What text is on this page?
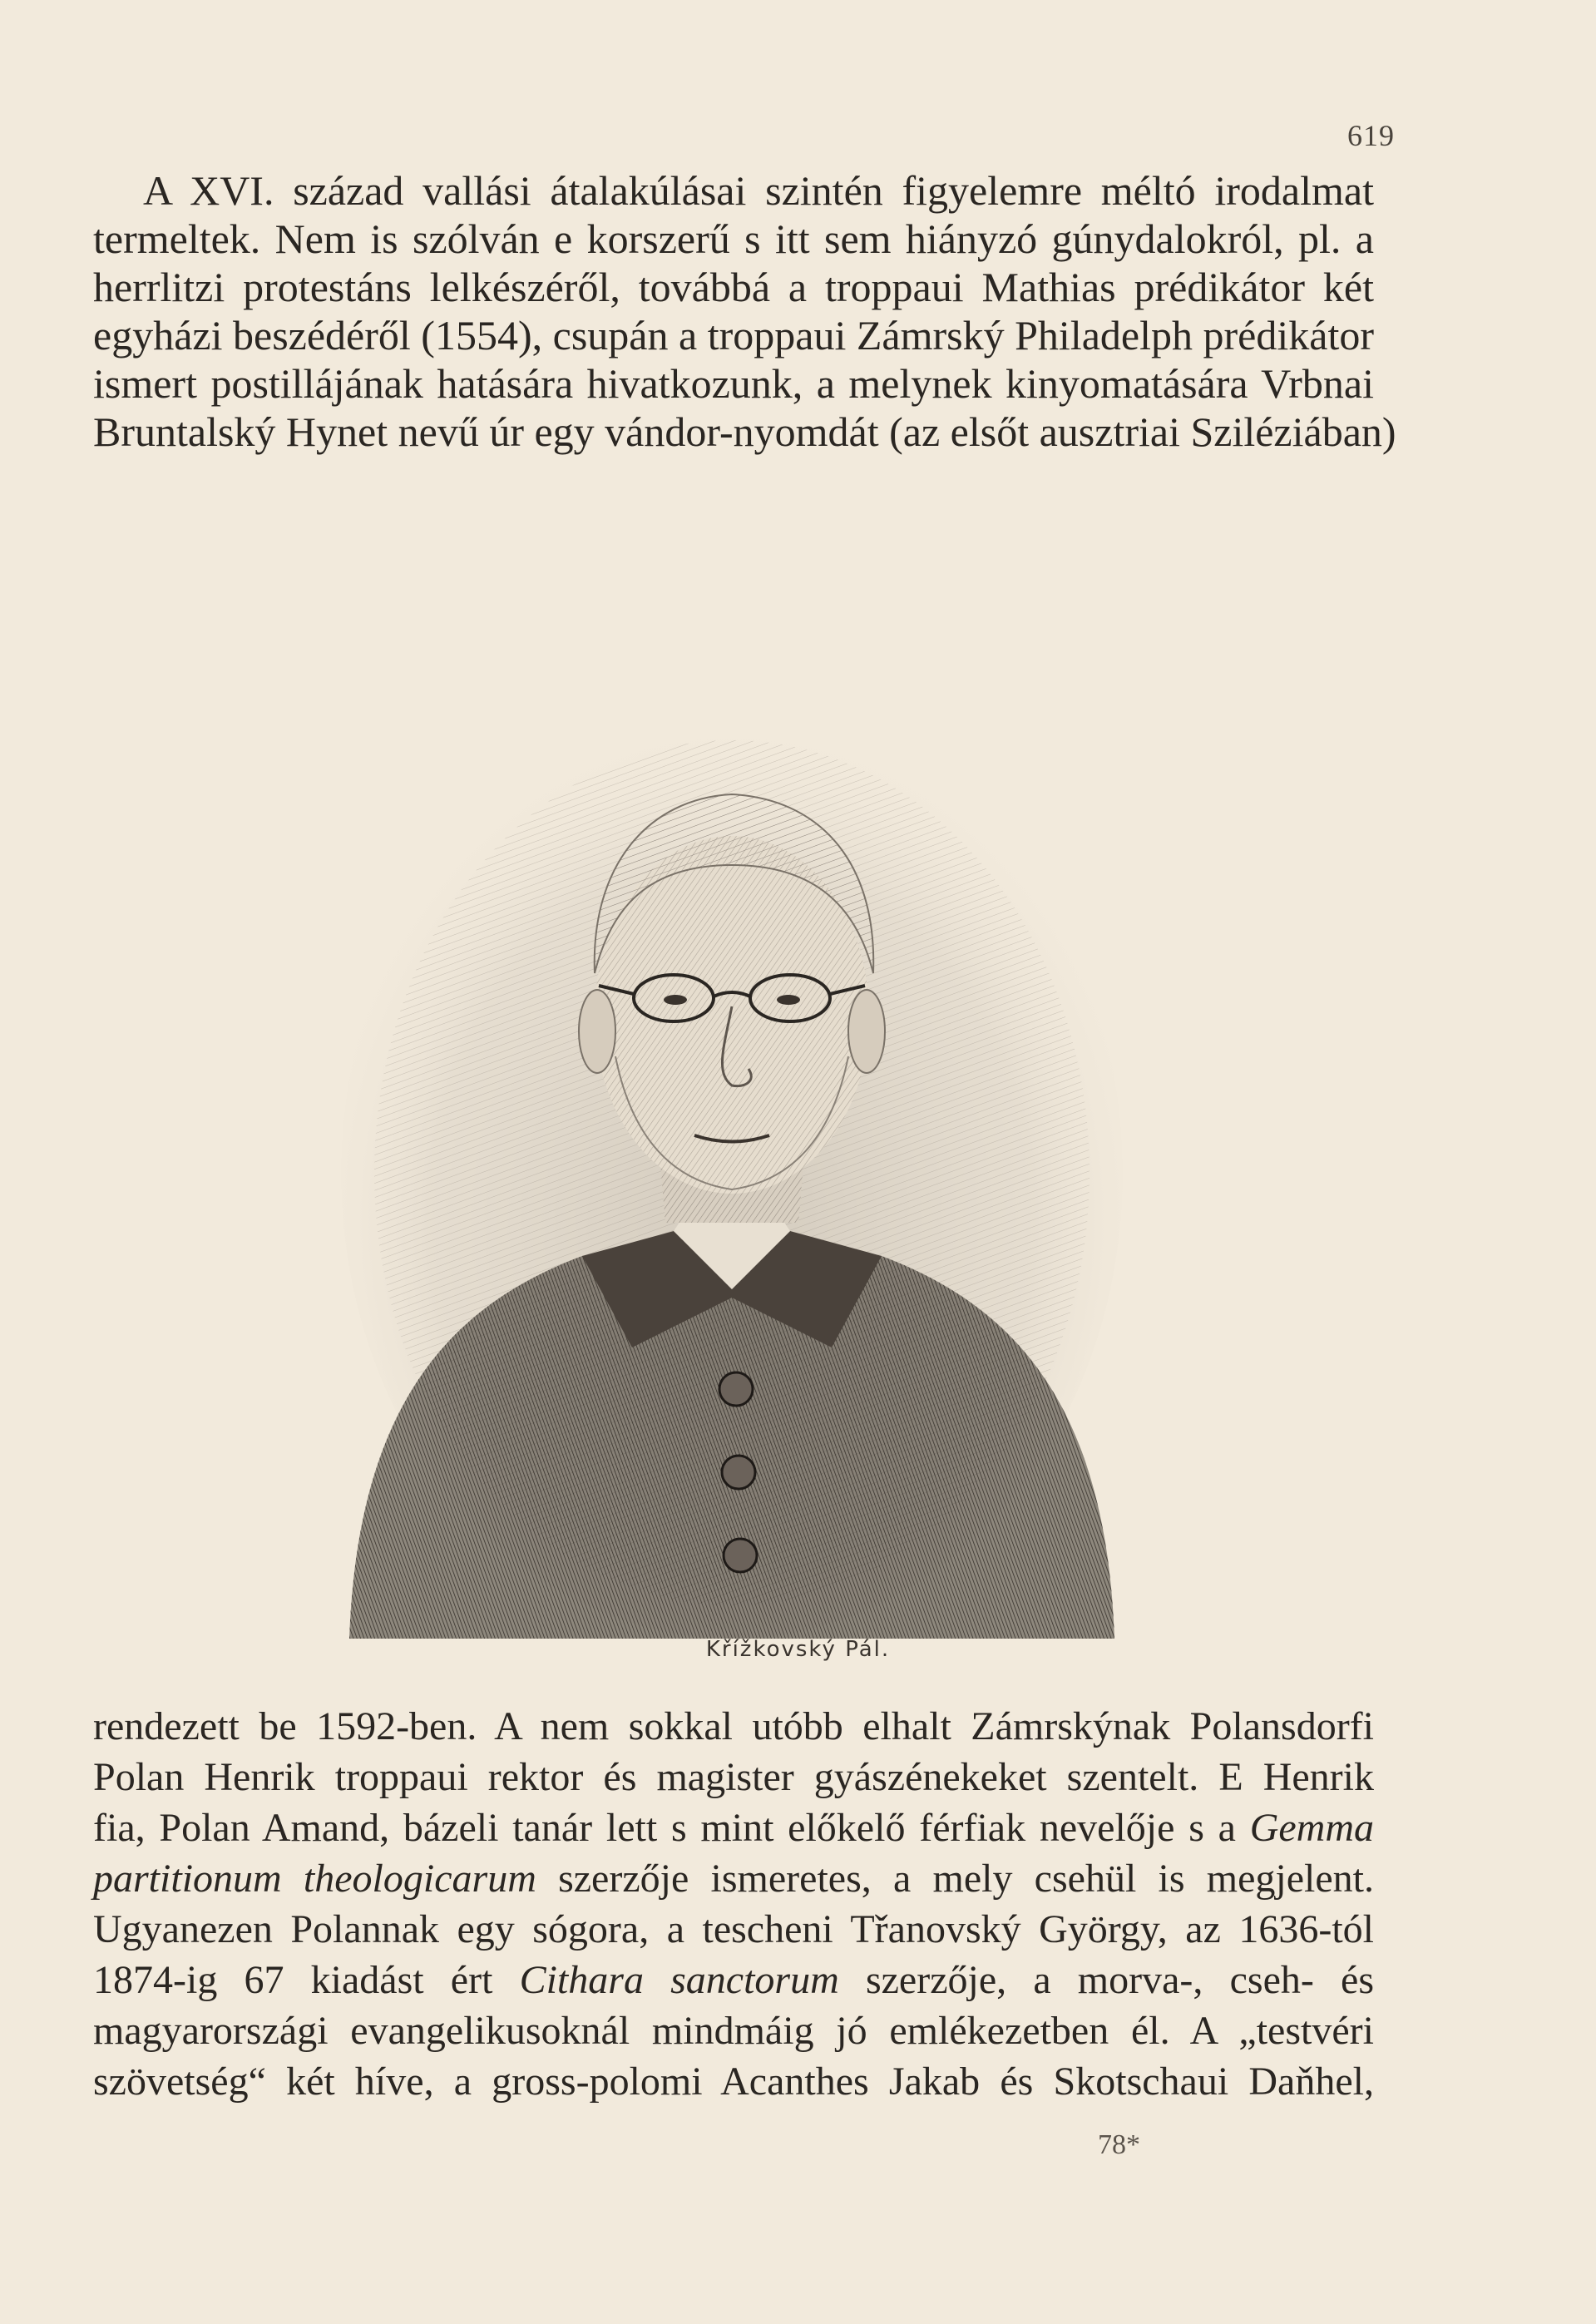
619
A XVI. század vallási átalakúlásai szintén figyelemre méltó irodalmat
termeltek. Nem is szólván e korszerű s itt sem hiányzó gúnydalokról, pl. a
herrlitzi protestáns lelkészéről, továbbá a troppaui Mathias prédikátor két
egyházi beszédéről (1554), csupán a troppaui Zámrský Philadelph prédikátor
ismert postillájának hatására hivatkozunk, a melynek kinyomatására Vrbnai
Bruntalský Hynet nevű úr egy vándor-nyomdát (az elsőt ausztriai Sziléziában)
Křížkovský Pál.
rendezett be 1592-ben. A nem sokkal utóbb elhalt Zámrskýnak Polansdorfi
Polan Henrik troppaui rektor és magister gyászénekeket szentelt. E Henrik
fia, Polan Amand, bázeli tanár lett s mint előkelő férfiak nevelője s a Gemma
partitionum theologicarum szerzője ismeretes, a mely csehül is megjelent.
Ugyanezen Polannak egy sógora, a tescheni Třanovský György, az 1636-tól
1874-ig 67 kiadást ért Cithara sanctorum szerzője, a morva-, cseh- és
magyarországi evangelikusoknál mindmáig jó emlékezetben él. A „testvéri
szövetség“ két híve, a gross-polomi Acanthes Jakab és Skotschaui Daňhel,
78*
